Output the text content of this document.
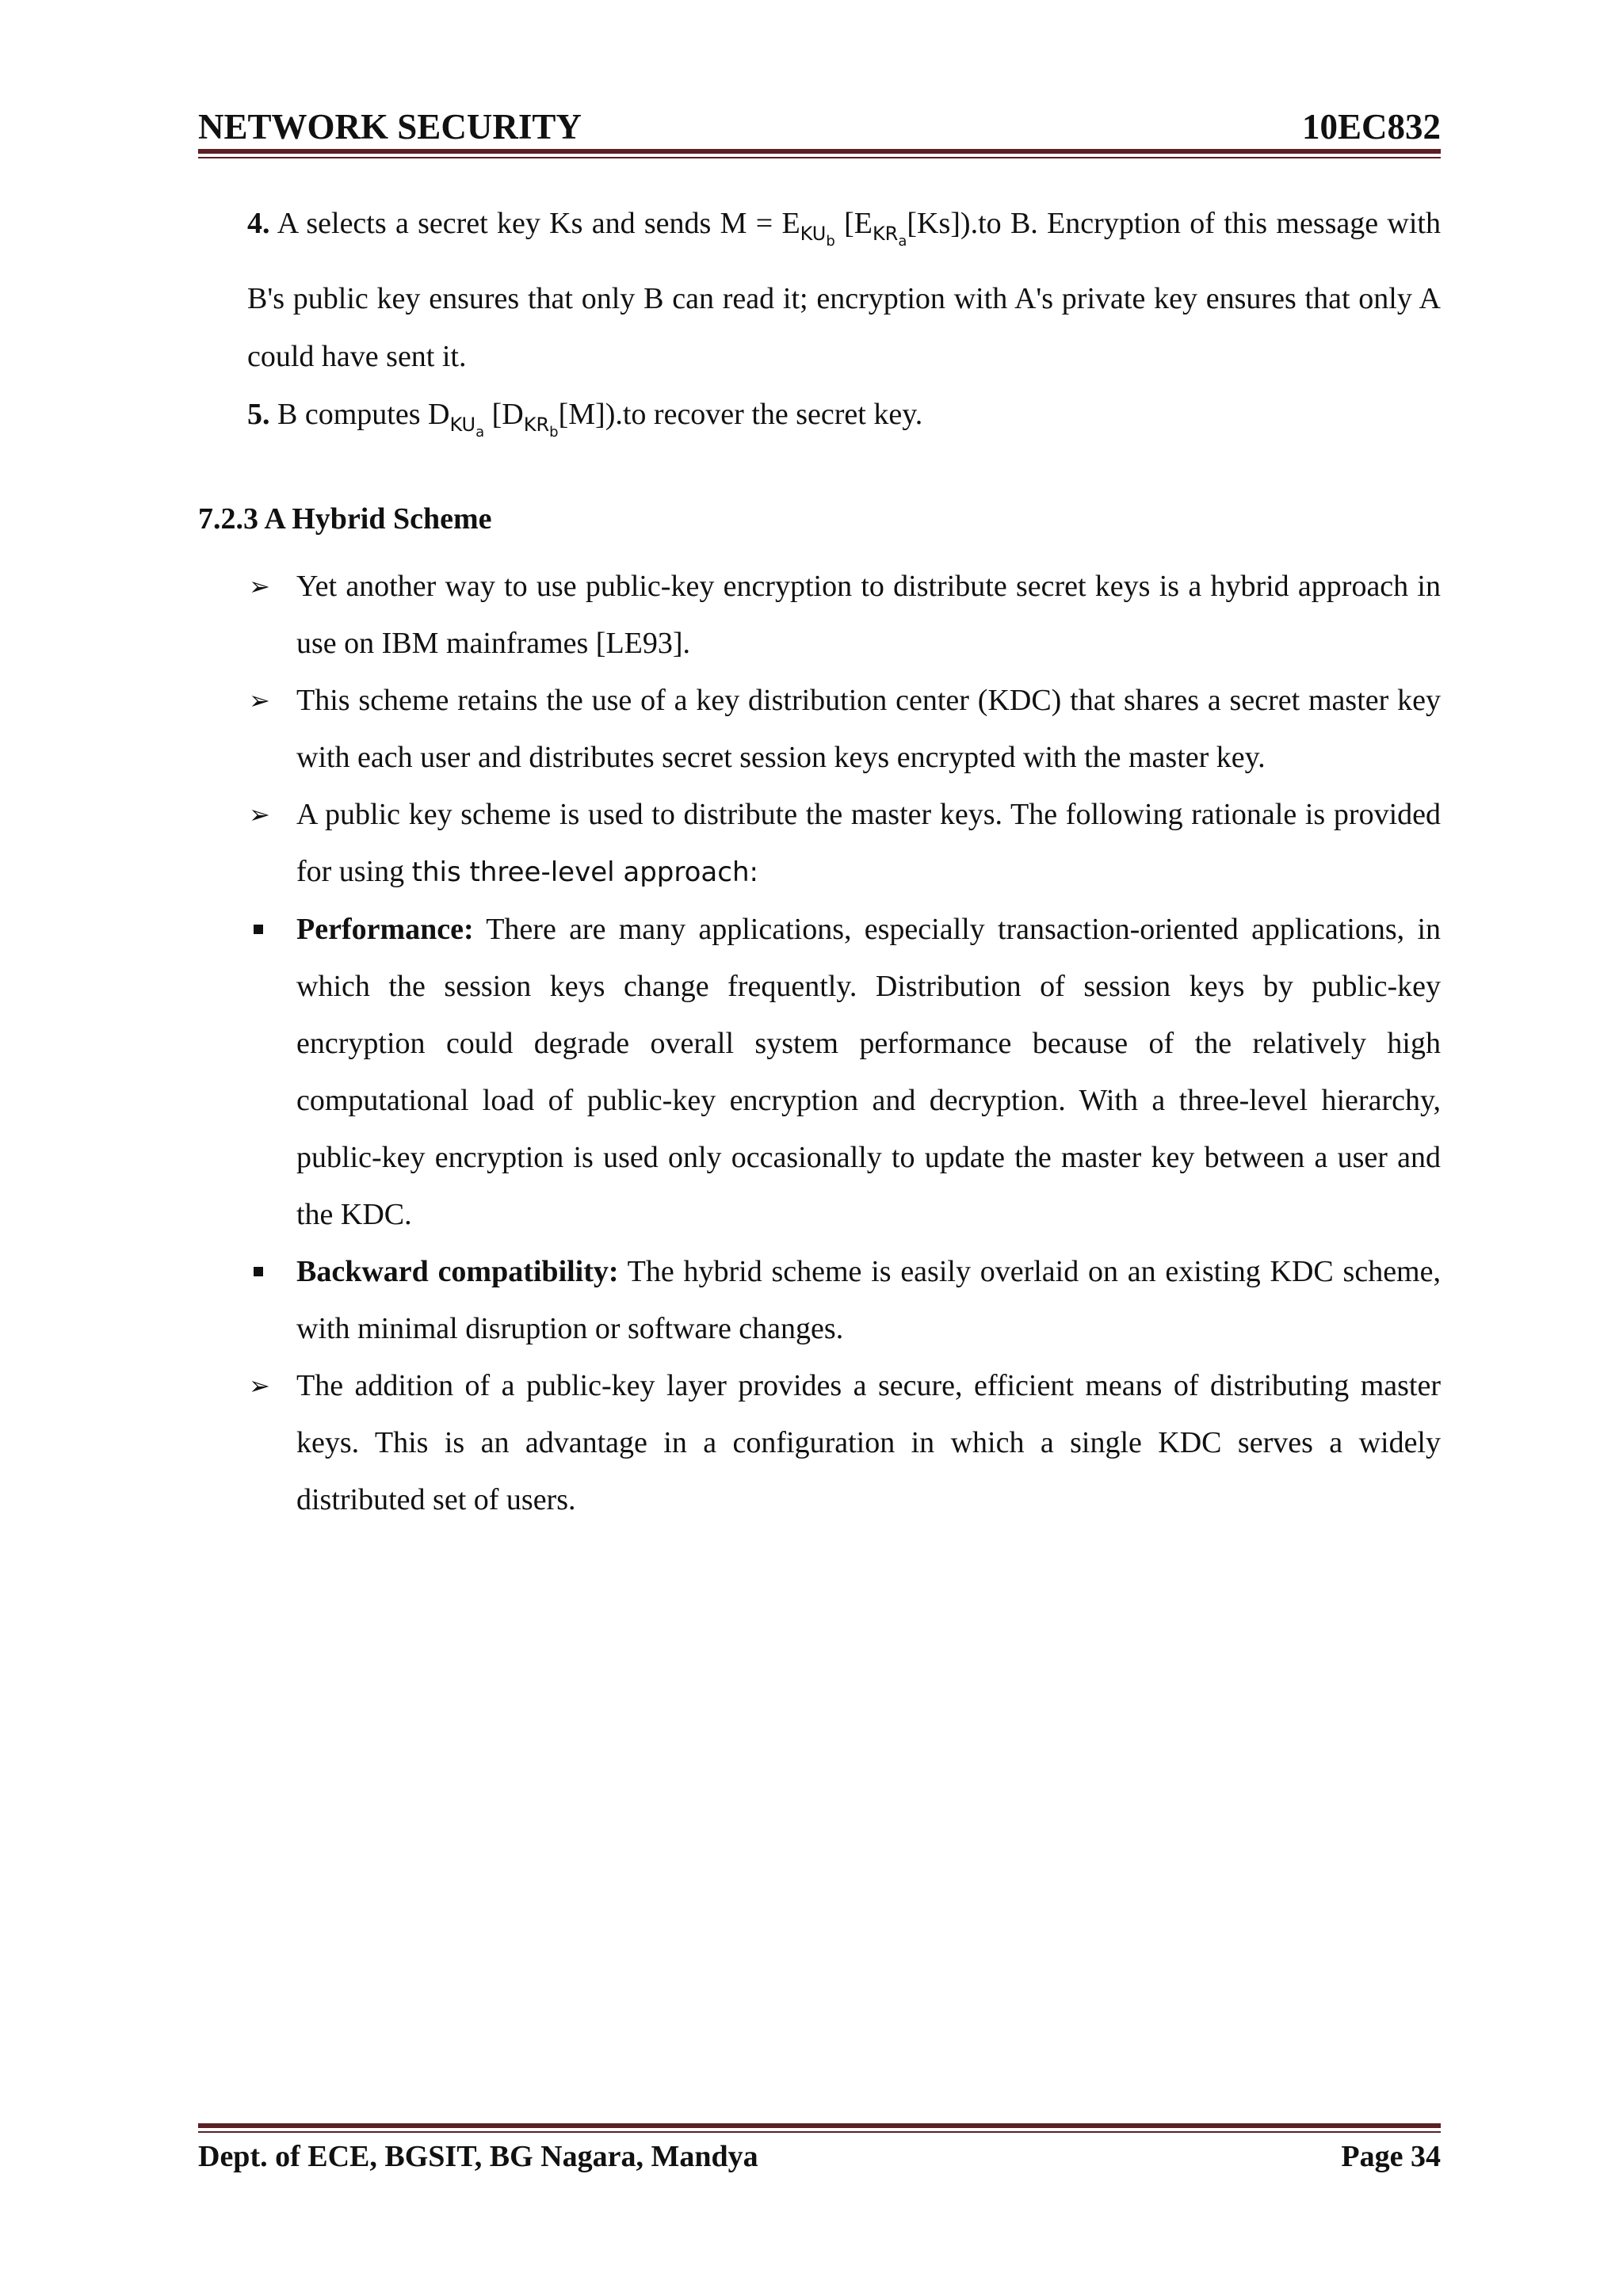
NETWORK SECURITY	10EC832

4. A selects a secret key Ks and sends $M = E_{KUb}$ $[E_{KRa}[Ks]).to$ B. Encryption of this message with B's public key ensures that only B can read it; encryption with A's private key ensures that only A could have sent it.

5. B computes $D_{KUa}$ $[D_{KRb}[M]).to$ recover the secret key.

7.2.3 A Hybrid Scheme
➢ Yet another way to use public-key encryption to distribute secret keys is a hybrid approach in use on IBM mainframes [LE93].
➢ This scheme retains the use of a key distribution center (KDC) that shares a secret master key with each user and distributes secret session keys encrypted with the master key.
➢ A public key scheme is used to distribute the master keys. The following rationale is provided for using this three-level approach:
Performance: There are many applications, especially transaction-oriented applications, in which the session keys change frequently. Distribution of session keys by public-key encryption could degrade overall system performance because of the relatively high computational load of public-key encryption and decryption. With a three-level hierarchy, public-key encryption is used only occasionally to update the master key between a user and the KDC.
Backward compatibility: The hybrid scheme is easily overlaid on an existing KDC scheme, with minimal disruption or software changes.
➢ The addition of a public-key layer provides a secure, efficient means of distributing master keys. This is an advantage in a configuration in which a single KDC serves a widely distributed set of users.
Dept. of ECE, BGSIT, BG Nagara, Mandya	Page 34
